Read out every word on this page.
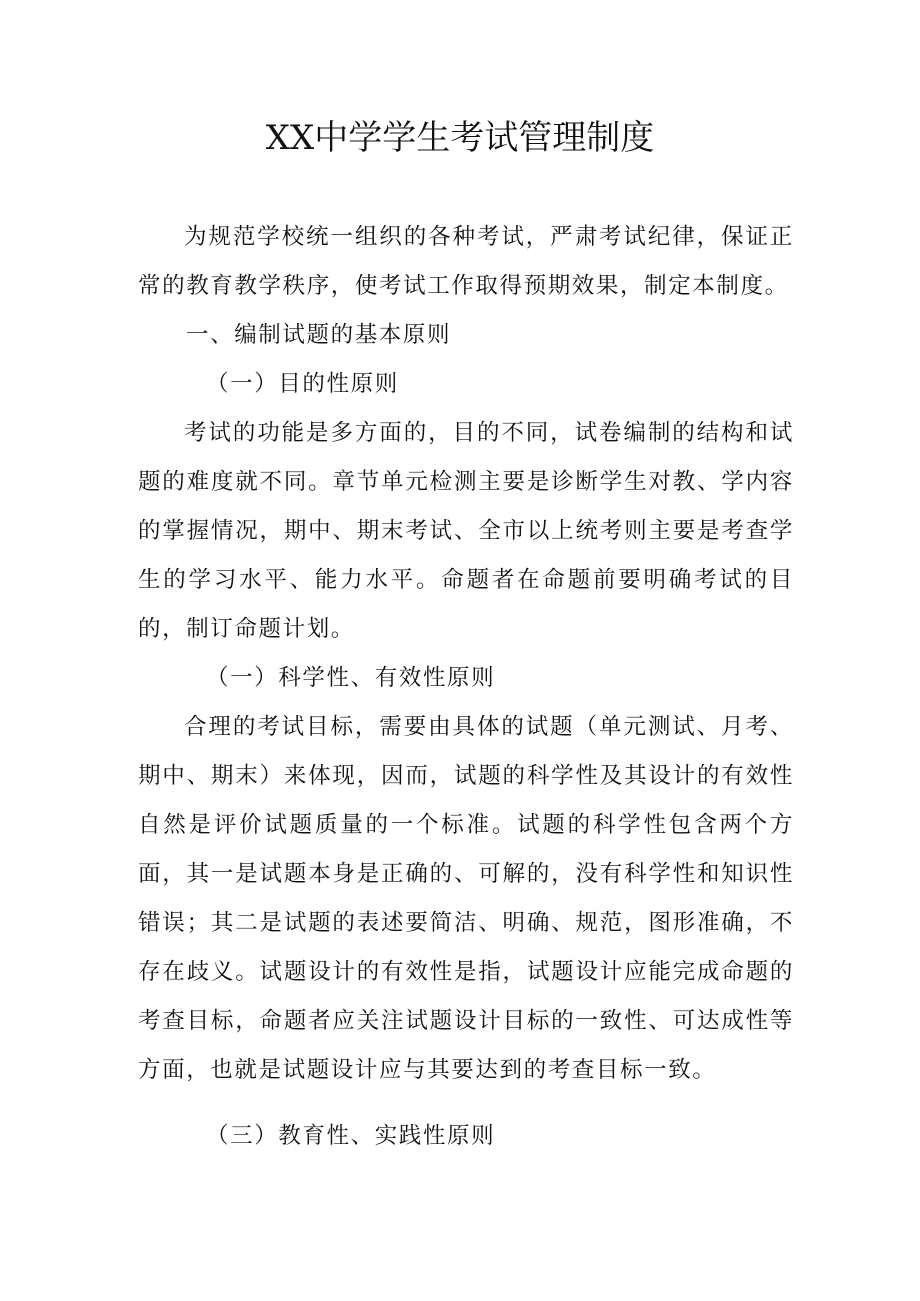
XX中学学生考试管理制度

为规范学校统一组织的各种考试，严肃考试纪律，保证正常的教育教学秩序，使考试工作取得预期效果，制定本制度。

一、编制试题的基本原则

（一）目的性原则

考试的功能是多方面的，目的不同，试卷编制的结构和试题的难度就不同。章节单元检测主要是诊断学生对教、学内容的掌握情况，期中、期末考试、全市以上统考则主要是考查学生的学习水平、能力水平。命题者在命题前要明确考试的目的，制订命题计划。

（一）科学性、有效性原则

合理的考试目标，需要由具体的试题（单元测试、月考、期中、期末）来体现，因而，试题的科学性及其设计的有效性自然是评价试题质量的一个标准。试题的科学性包含两个方面，其一是试题本身是正确的、可解的，没有科学性和知识性错误；其二是试题的表述要简洁、明确、规范，图形准确，不存在歧义。试题设计的有效性是指，试题设计应能完成命题的考查目标，命题者应关注试题设计目标的一致性、可达成性等方面，也就是试题设计应与其要达到的考查目标一致。

（三）教育性、实践性原则
